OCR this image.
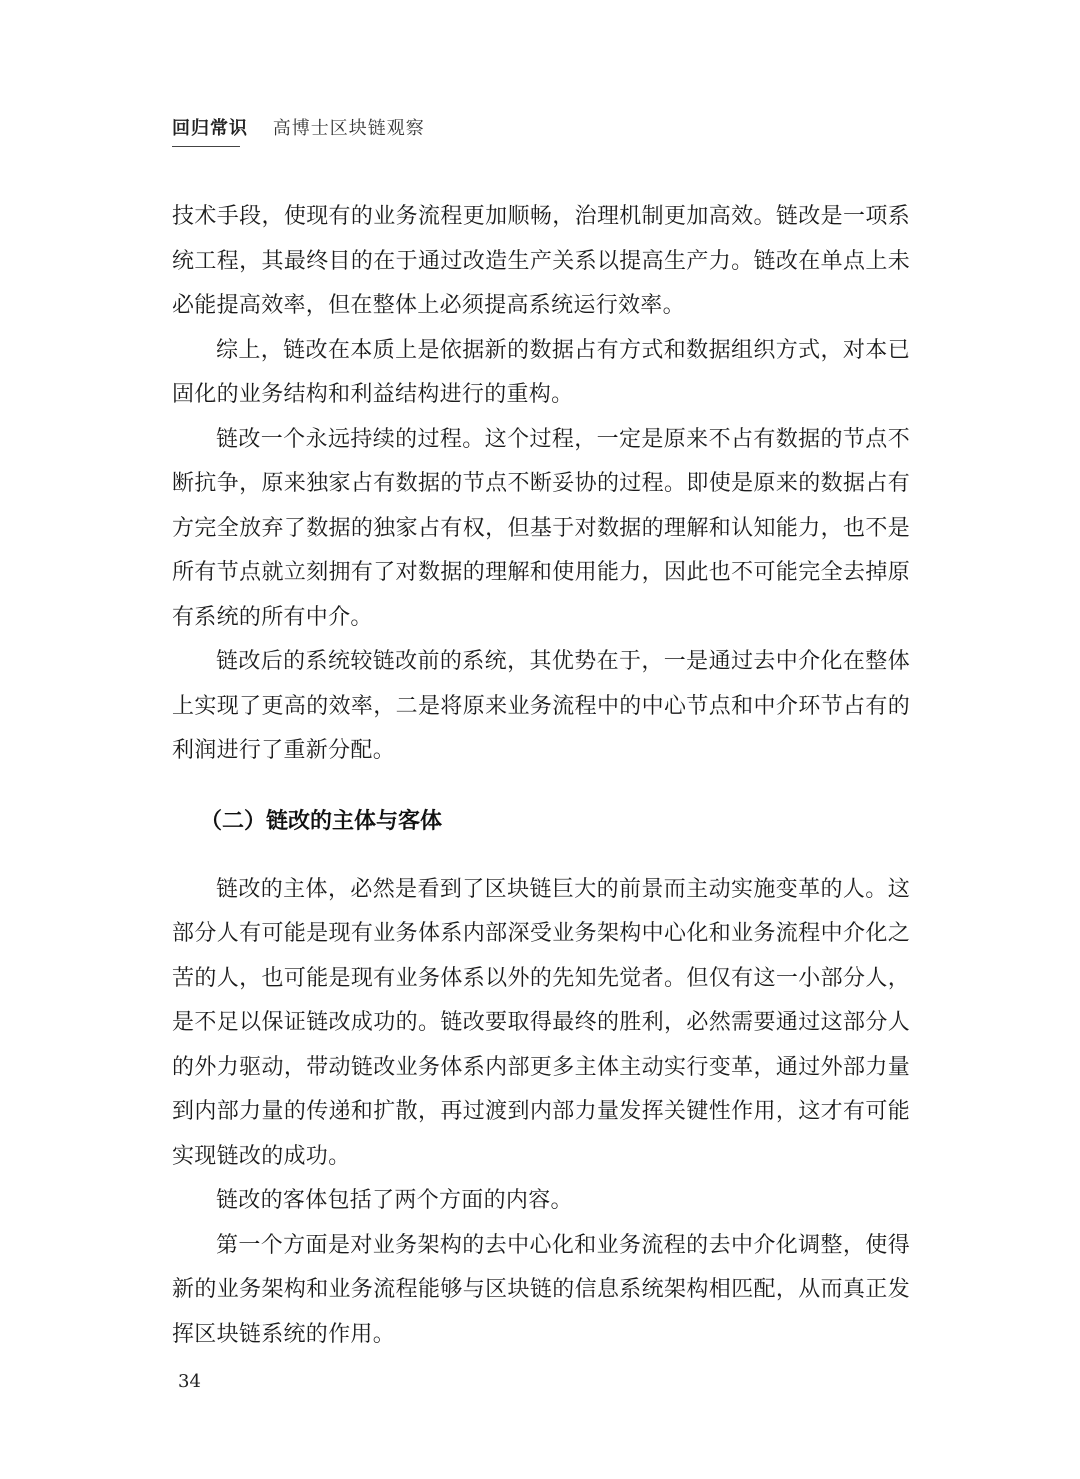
回归常识 高博士区块链观察

技术手段，使现有的业务流程更加顺畅，治理机制更加高效。链改是一项系统工程，其最终目的在于通过改造生产关系以提高生产力。链改在单点上未必能提高效率，但在整体上必须提高系统运行效率。

综上，链改在本质上是依据新的数据占有方式和数据组织方式，对本已固化的业务结构和利益结构进行的重构。

链改一个永远持续的过程。这个过程，一定是原来不占有数据的节点不断抗争，原来独家占有数据的节点不断妥协的过程。即使是原来的数据占有方完全放弃了数据的独家占有权，但基于对数据的理解和认知能力，也不是所有节点就立刻拥有了对数据的理解和使用能力，因此也不可能完全去掉原有系统的所有中介。

链改后的系统较链改前的系统，其优势在于，一是通过去中介化在整体上实现了更高的效率，二是将原来业务流程中的中心节点和中介环节占有的利润进行了重新分配。

（二）链改的主体与客体

链改的主体，必然是看到了区块链巨大的前景而主动实施变革的人。这部分人有可能是现有业务体系内部深受业务架构中心化和业务流程中介化之苦的人，也可能是现有业务体系以外的先知先觉者。但仅有这一小部分人，是不足以保证链改成功的。链改要取得最终的胜利，必然需要通过这部分人的外力驱动，带动链改业务体系内部更多主体主动实行变革，通过外部力量到内部力量的传递和扩散，再过渡到内部力量发挥关键性作用，这才有可能实现链改的成功。

链改的客体包括了两个方面的内容。

第一个方面是对业务架构的去中心化和业务流程的去中介化调整，使得新的业务架构和业务流程能够与区块链的信息系统架构相匹配，从而真正发挥区块链系统的作用。

34
